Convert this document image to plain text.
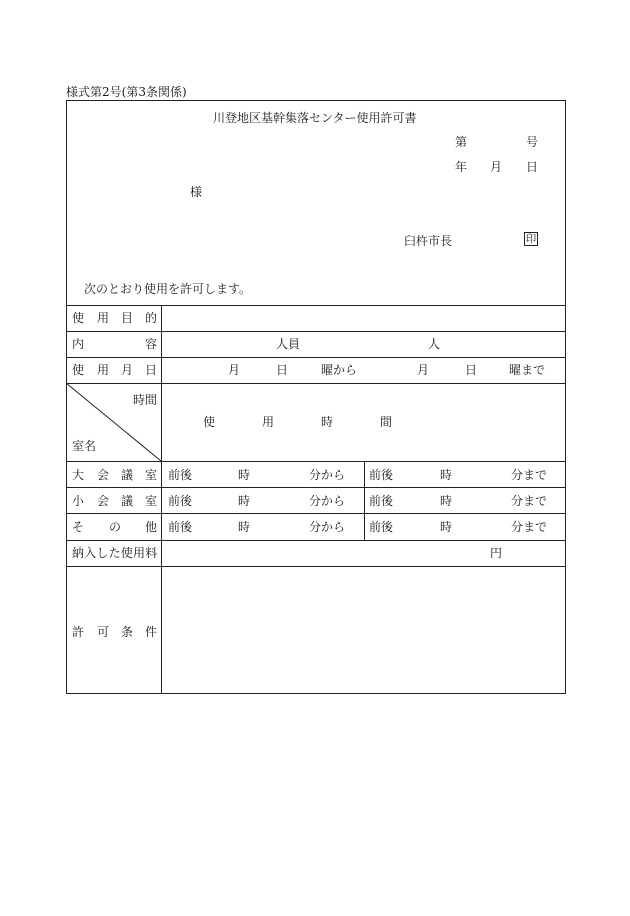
様式第2号(第3条関係)
川登地区基幹集落センター使用許可書
第	号
年 月 日
様
臼杵市長	印
次のとおり使用を許可します。
使 用 目 的
内	容	人員	人
使 用 月 日	月	日	曜から	月	日	曜まで
時間
室名
使	用	時	間
大 会 議 室 前後	時	分から 前後	時	分まで
小 会 議 室 前後	時	分から 前後	時	分まで
そ の 他 前後	時	分から 前後	時	分まで
納入した使用料	円
許 可 条 件
